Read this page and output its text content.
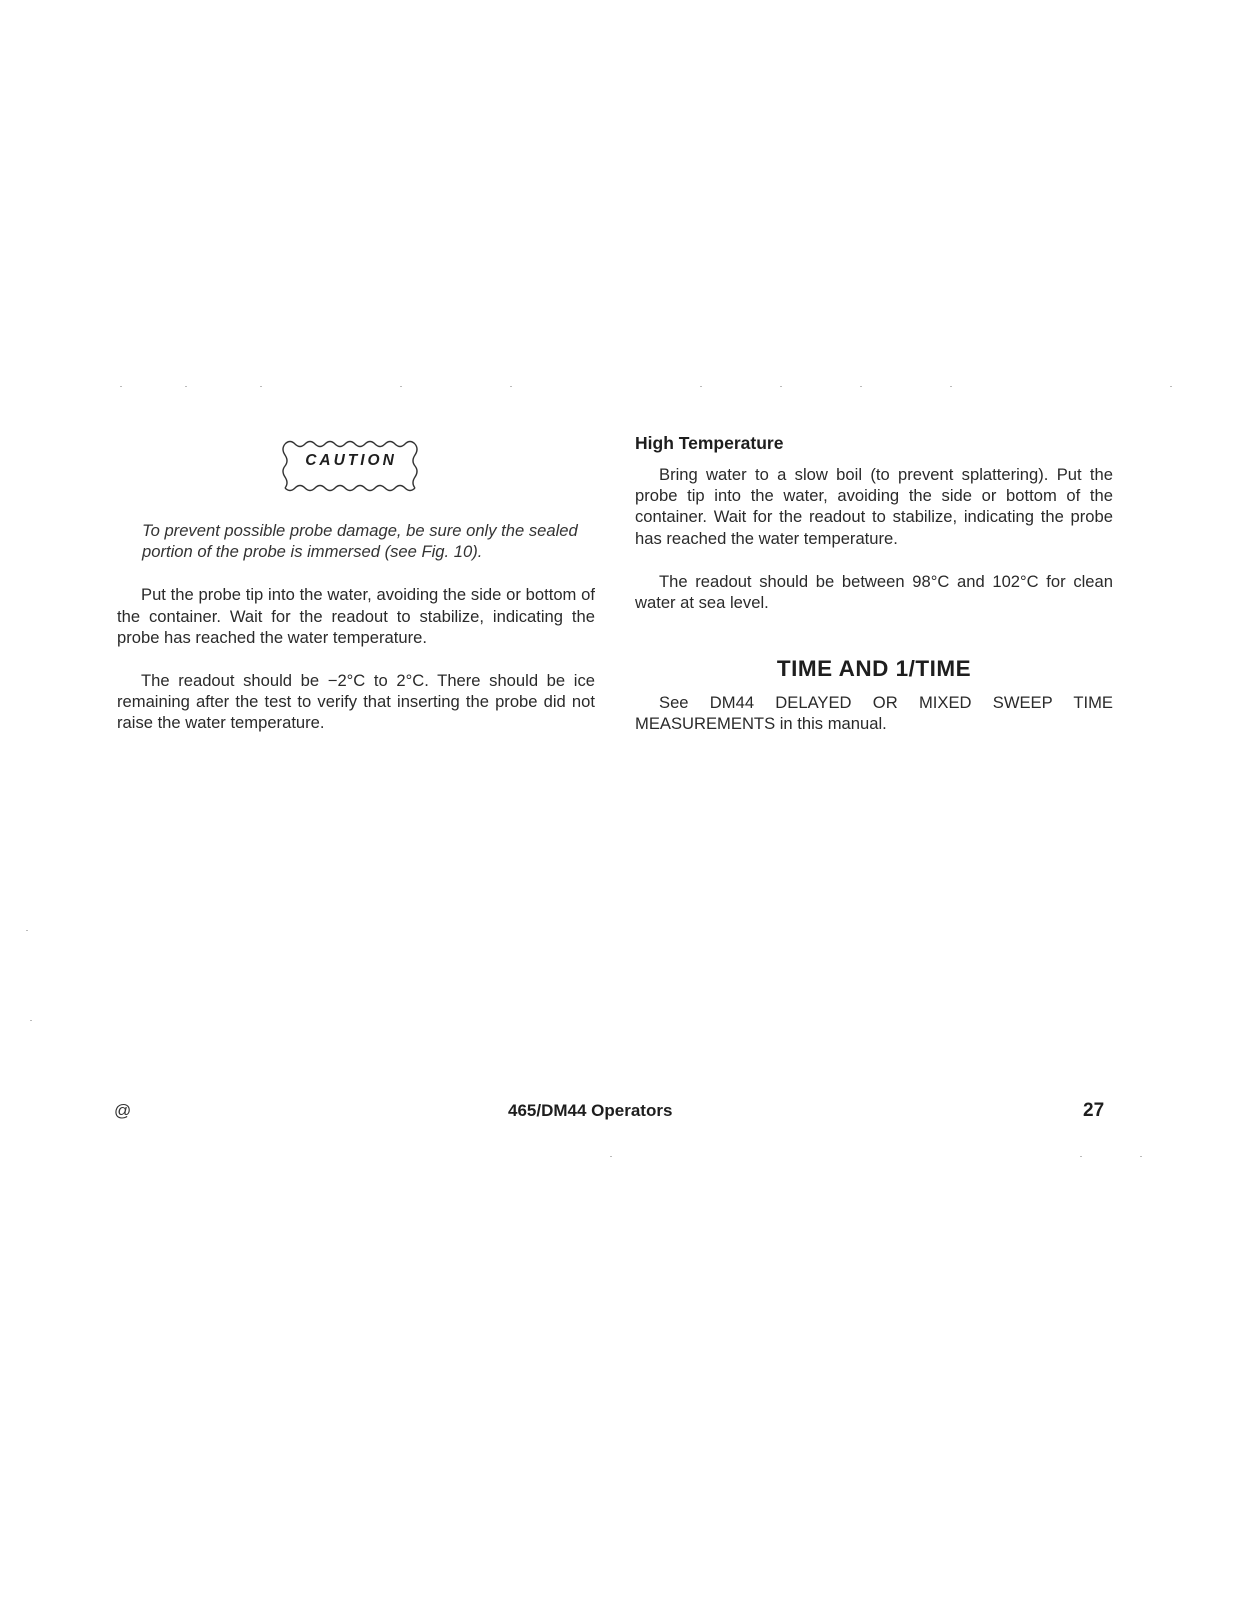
CAUTION

To prevent possible probe damage, be sure only the sealed portion of the probe is immersed (see Fig. 10).

Put the probe tip into the water, avoiding the side or bottom of the container. Wait for the readout to stabilize, indicating the probe has reached the water temperature.

The readout should be −2°C to 2°C. There should be ice remaining after the test to verify that inserting the probe did not raise the water temperature.

High Temperature

Bring water to a slow boil (to prevent splattering). Put the probe tip into the water, avoiding the side or bottom of the container. Wait for the readout to stabilize, indicating the probe has reached the water temperature.

The readout should be between 98°C and 102°C for clean water at sea level.

TIME AND 1/TIME

See DM44 DELAYED OR MIXED SWEEP TIME MEASUREMENTS in this manual.

@	465/DM44 Operators	27
